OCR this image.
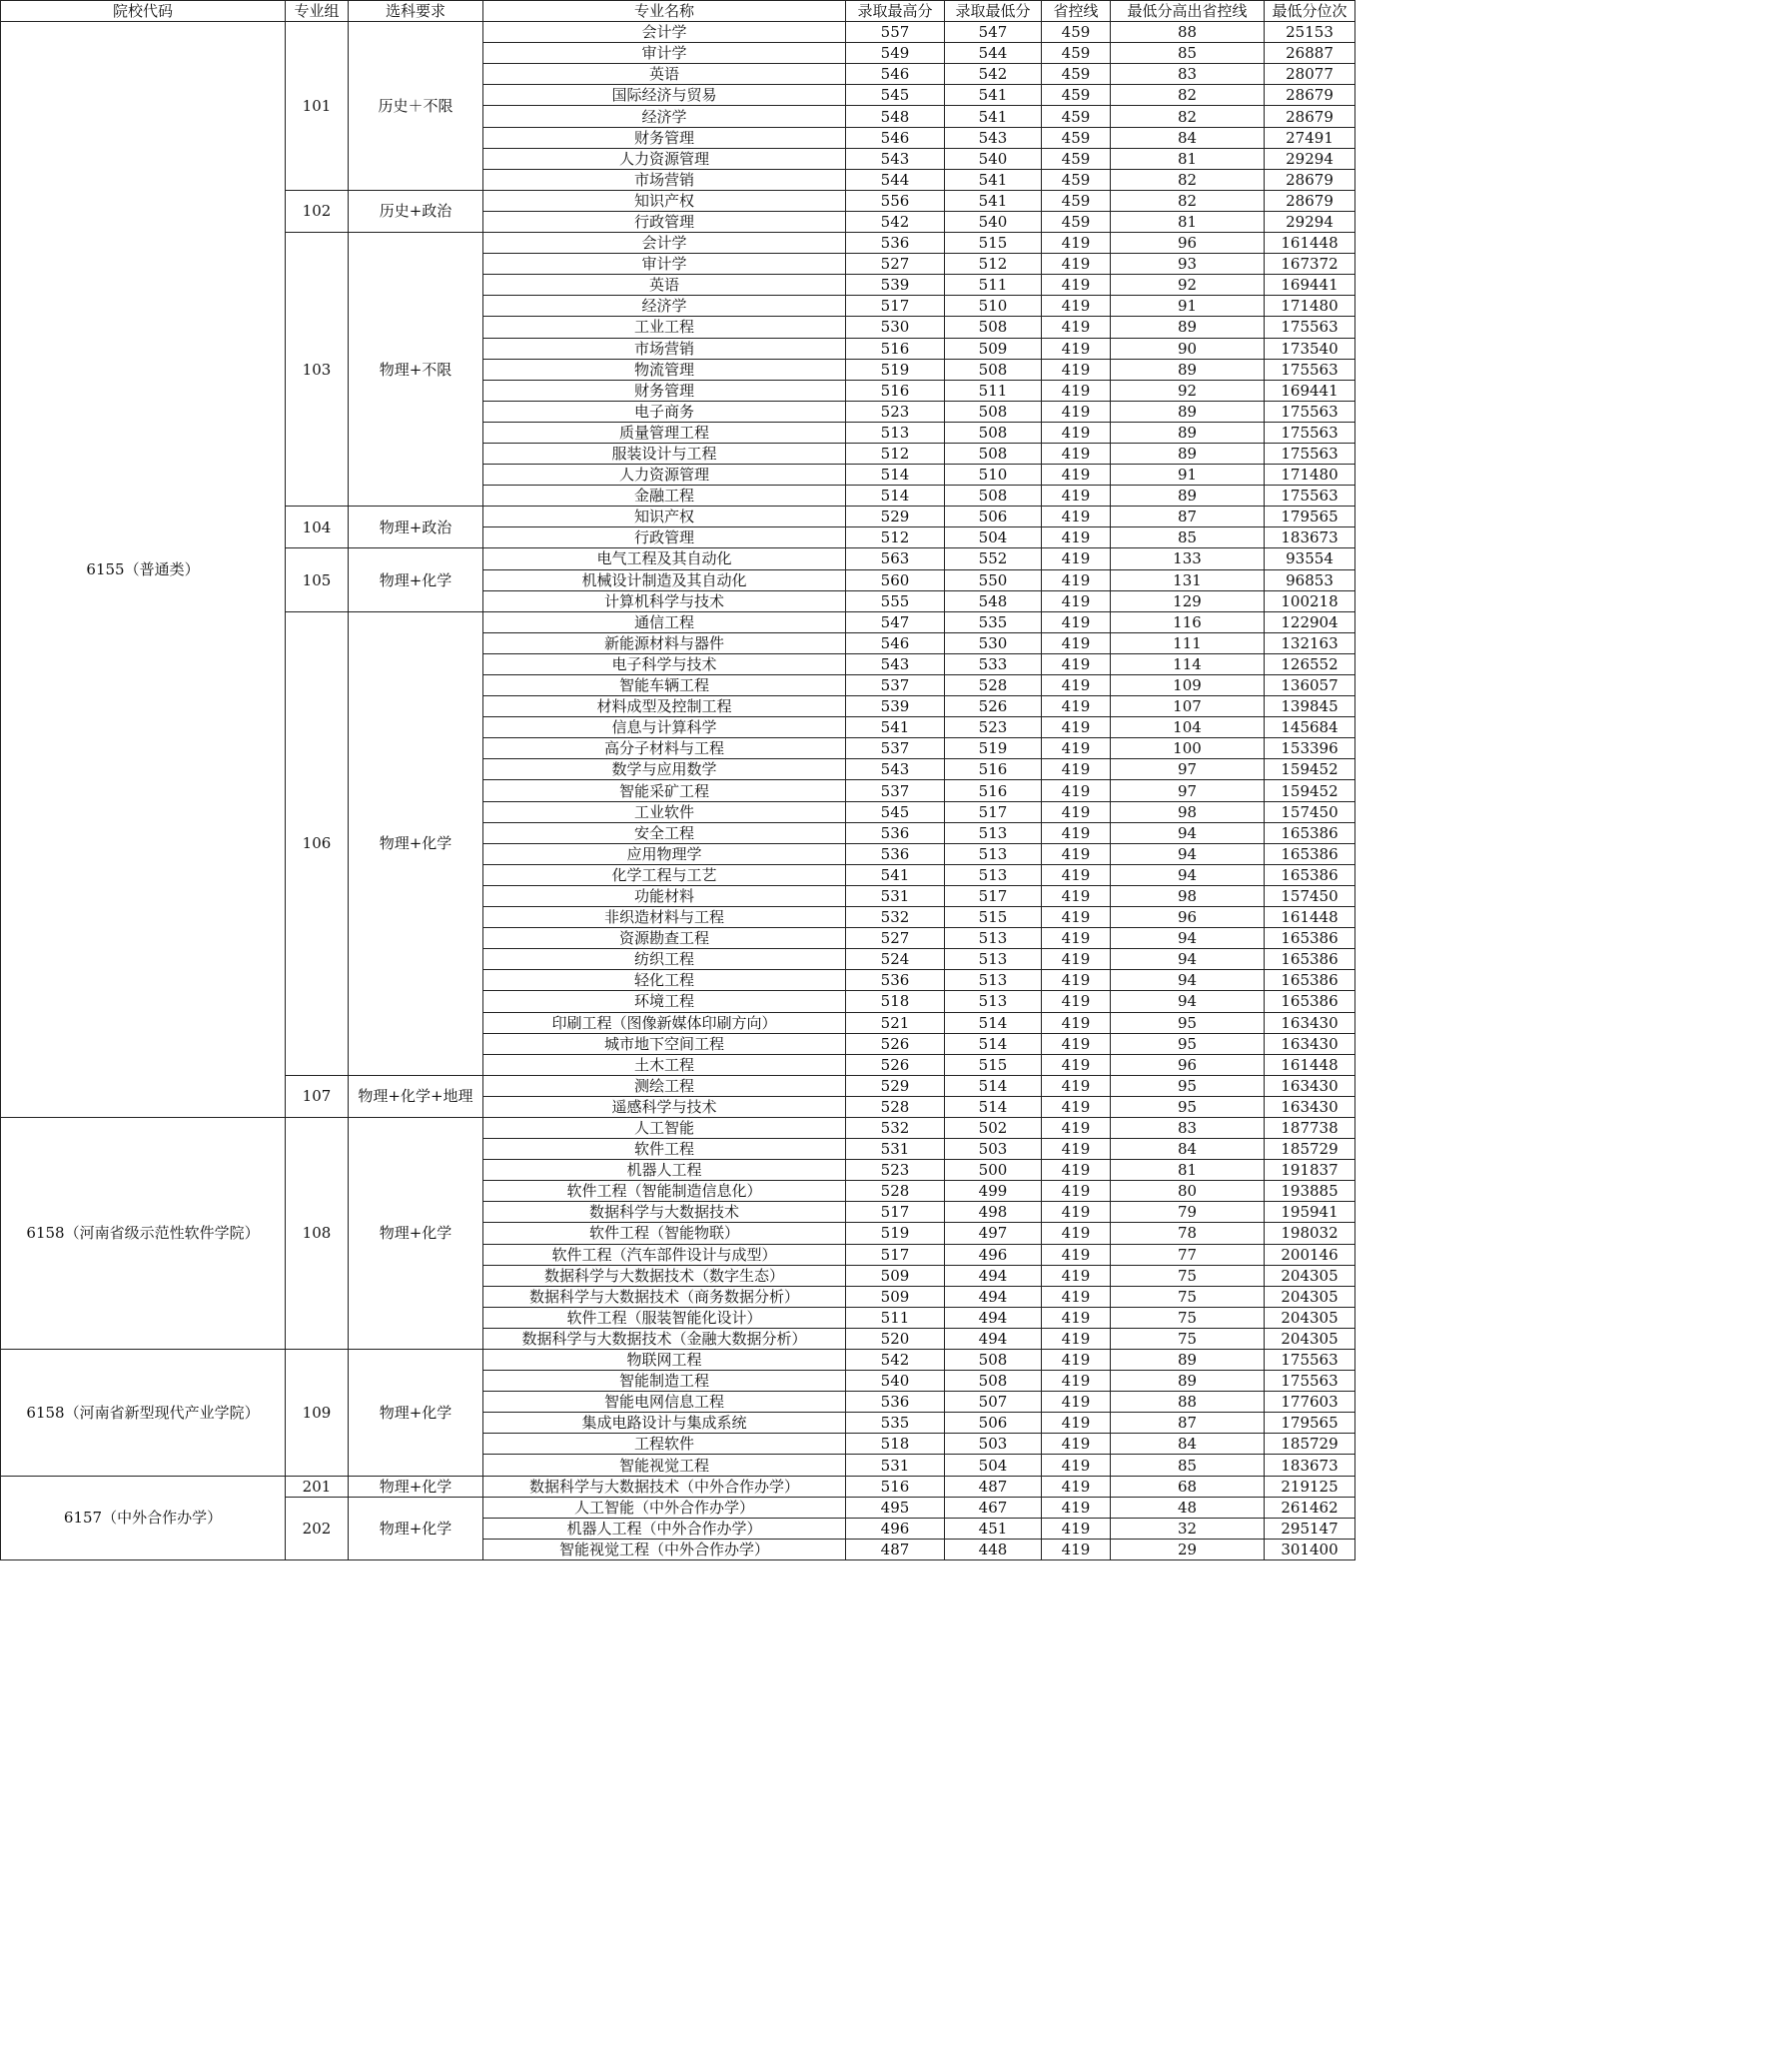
院校代码	专业组	选科要求	专业名称	录取最高分	录取最低分	省控线	最低分高出省控线	最低分位次
6155（普通类）	101	历史＋不限	会计学	557	547	459	88	25153
			审计学	549	544	459	85	26887
			英语	546	542	459	83	28077
			国际经济与贸易	545	541	459	82	28679
			经济学	548	541	459	82	28679
			财务管理	546	543	459	84	27491
			人力资源管理	543	540	459	81	29294
			市场营销	544	541	459	82	28679
	102	历史+政治	知识产权	556	541	459	82	28679
			行政管理	542	540	459	81	29294
	103	物理+不限	会计学	536	515	419	96	161448
			审计学	527	512	419	93	167372
			英语	539	511	419	92	169441
			经济学	517	510	419	91	171480
			工业工程	530	508	419	89	175563
			市场营销	516	509	419	90	173540
			物流管理	519	508	419	89	175563
			财务管理	516	511	419	92	169441
			电子商务	523	508	419	89	175563
			质量管理工程	513	508	419	89	175563
			服装设计与工程	512	508	419	89	175563
			人力资源管理	514	510	419	91	171480
			金融工程	514	508	419	89	175563
	104	物理+政治	知识产权	529	506	419	87	179565
			行政管理	512	504	419	85	183673
	105	物理+化学	电气工程及其自动化	563	552	419	133	93554
			机械设计制造及其自动化	560	550	419	131	96853
			计算机科学与技术	555	548	419	129	100218
	106	物理+化学	通信工程	547	535	419	116	122904
			新能源材料与器件	546	530	419	111	132163
			电子科学与技术	543	533	419	114	126552
			智能车辆工程	537	528	419	109	136057
			材料成型及控制工程	539	526	419	107	139845
			信息与计算科学	541	523	419	104	145684
			高分子材料与工程	537	519	419	100	153396
			数学与应用数学	543	516	419	97	159452
			智能采矿工程	537	516	419	97	159452
			工业软件	545	517	419	98	157450
			安全工程	536	513	419	94	165386
			应用物理学	536	513	419	94	165386
			化学工程与工艺	541	513	419	94	165386
			功能材料	531	517	419	98	157450
			非织造材料与工程	532	515	419	96	161448
			资源勘查工程	527	513	419	94	165386
			纺织工程	524	513	419	94	165386
			轻化工程	536	513	419	94	165386
			环境工程	518	513	419	94	165386
			印刷工程（图像新媒体印刷方向）	521	514	419	95	163430
			城市地下空间工程	526	514	419	95	163430
			土木工程	526	515	419	96	161448
	107	物理+化学+地理	测绘工程	529	514	419	95	163430
			遥感科学与技术	528	514	419	95	163430
6158（河南省级示范性软件学院）	108	物理+化学	人工智能	532	502	419	83	187738
			软件工程	531	503	419	84	185729
			机器人工程	523	500	419	81	191837
			软件工程（智能制造信息化）	528	499	419	80	193885
			数据科学与大数据技术	517	498	419	79	195941
			软件工程（智能物联）	519	497	419	78	198032
			软件工程（汽车部件设计与成型）	517	496	419	77	200146
			数据科学与大数据技术（数字生态）	509	494	419	75	204305
			数据科学与大数据技术（商务数据分析）	509	494	419	75	204305
			软件工程（服装智能化设计）	511	494	419	75	204305
			数据科学与大数据技术（金融大数据分析）	520	494	419	75	204305
6158（河南省新型现代产业学院）	109	物理+化学	物联网工程	542	508	419	89	175563
			智能制造工程	540	508	419	89	175563
			智能电网信息工程	536	507	419	88	177603
			集成电路设计与集成系统	535	506	419	87	179565
			工程软件	518	503	419	84	185729
			智能视觉工程	531	504	419	85	183673
6157（中外合作办学）	201	物理+化学	数据科学与大数据技术（中外合作办学）	516	487	419	68	219125
	202	物理+化学	人工智能（中外合作办学）	495	467	419	48	261462
			机器人工程（中外合作办学）	496	451	419	32	295147
			智能视觉工程（中外合作办学）	487	448	419	29	301400
